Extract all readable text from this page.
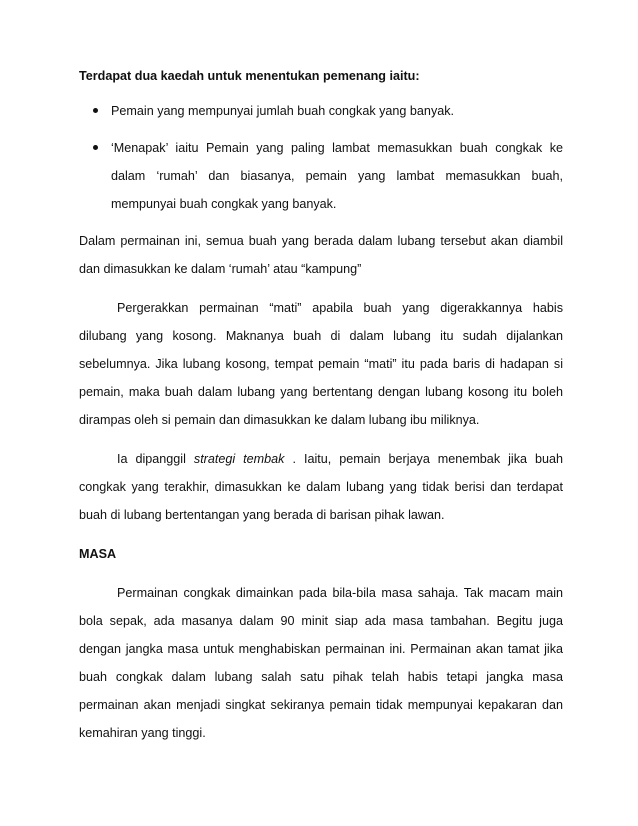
Terdapat dua kaedah untuk menentukan pemenang iaitu:
Pemain yang mempunyai jumlah buah congkak yang banyak.
‘Menapak’ iaitu Pemain yang paling lambat memasukkan buah congkak ke dalam ‘rumah’ dan biasanya, pemain yang lambat memasukkan buah, mempunyai buah congkak yang banyak.

Dalam permainan ini, semua buah yang berada dalam lubang tersebut akan diambil dan dimasukkan ke dalam ‘rumah’ atau “kampung”

Pergerakkan permainan “mati” apabila buah yang digerakkannya habis dilubang yang kosong. Maknanya buah di dalam lubang itu sudah dijalankan sebelumnya. Jika lubang kosong, tempat pemain “mati” itu pada baris di hadapan si pemain, maka buah dalam lubang yang bertentang dengan lubang kosong itu boleh dirampas oleh si pemain dan dimasukkan ke dalam lubang ibu miliknya.

Ia dipanggil strategi tembak . Iaitu, pemain berjaya menembak jika buah congkak yang terakhir, dimasukkan ke dalam lubang yang tidak berisi dan terdapat buah di lubang bertentangan yang berada di barisan pihak lawan.

MASA

Permainan congkak dimainkan pada bila-bila masa sahaja. Tak macam main bola sepak, ada masanya dalam 90 minit siap ada masa tambahan. Begitu juga dengan jangka masa untuk menghabiskan permainan ini. Permainan akan tamat jika buah congkak dalam lubang salah satu pihak telah habis tetapi jangka masa permainan akan menjadi singkat sekiranya pemain tidak mempunyai kepakaran dan kemahiran yang tinggi.
